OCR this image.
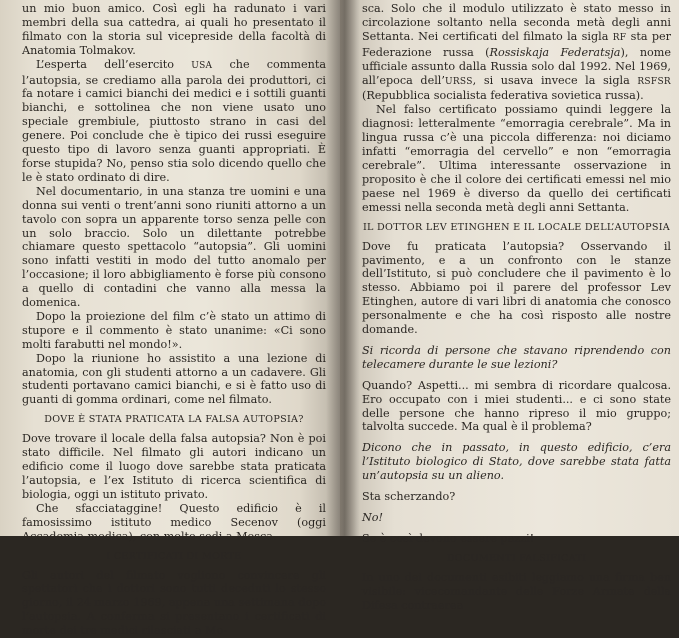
un mio buon amico. Così egli ha radunato i vari membri della sua cattedra, ai quali ho presentato il filmato con la storia sul vicepreside della facoltà di Anatomia Tolmakov.

L’esperta dell’esercito USA che commenta l’autopsia, se crediamo alla parola dei produttori, ci fa notare i camici bianchi dei medici e i sottili guanti bianchi, e sottolinea che non viene usato uno speciale grembiule, piuttosto strano in casi del genere. Poi conclude che è tipico dei russi eseguire questo tipo di lavoro senza guanti appropriati. È forse stupida? No, penso stia solo dicendo quello che le è stato ordinato di dire.

Nel documentario, in una stanza tre uomini e una donna sui venti o trent’anni sono riuniti attorno a un tavolo con sopra un apparente torso senza pelle con un solo braccio. Solo un dilettante potrebbe chiamare questo spettacolo “autopsia”. Gli uomini sono infatti vestiti in modo del tutto anomalo per l’occasione; il loro abbigliamento è forse più consono a quello di contadini che vanno alla messa la domenica.

Dopo la proiezione del film c’è stato un attimo di stupore e il commento è stato unanime: «Ci sono molti farabutti nel mondo!».

Dopo la riunione ho assistito a una lezione di anatomia, con gli studenti attorno a un cadavere. Gli studenti portavano camici bianchi, e si è fatto uso di guanti di gomma ordinari, come nel filmato.

DOVE È STATA PRATICATA LA FALSA AUTOPSIA?

Dove trovare il locale della falsa autopsia? Non è poi stato difficile. Nel filmato gli autori indicano un edificio come il luogo dove sarebbe stata praticata l’autopsia, e l’ex Istituto di ricerca scientifica di biologia, oggi un istituto privato.

Che sfacciataggine! Questo edificio è il famosissimo istituto medico Secenov (oggi Accademia medica), con molte sedi a Mosca.

I CERTIFICATI DI MORTE

Gli autori del filmato vogliono convincere gli spettatori che i dottori sono tutti deceduti lo stesso giorno, il 24 marzo 1969, appena una settimana dopo l’autopsia. A conferma si presentano i certificati di morte dei tre medici rilasciati a Mo-

sca. Solo che il modulo utilizzato è stato messo in circolazione soltanto nella seconda metà degli anni Settanta. Nei certificati del filmato la sigla RF sta per Federazione russa (Rossiskaja Federatsja), nome ufficiale assunto dalla Russia solo dal 1992. Nel 1969, all’epoca dell’URSS, si usava invece la sigla RSFSR (Repubblica socialista federativa sovietica russa).

Nel falso certificato possiamo quindi leggere la diagnosi: letteralmente “emorragia cerebrale”. Ma in lingua russa c’è una piccola differenza: noi diciamo infatti “emorragia del cervello” e non “emorragia cerebrale”. Ultima interessante osservazione in proposito è che il colore dei certificati emessi nel mio paese nel 1969 è diverso da quello dei certificati emessi nella seconda metà degli anni Settanta.

IL DOTTOR LEV ETINGHEN E IL LOCALE DELL’AUTOPSIA

Dove fu praticata l’autopsia? Osservando il pavimento, e a un confronto con le stanze dell’Istituto, si può concludere che il pavimento è lo stesso. Abbiamo poi il parere del professor Lev Etinghen, autore di vari libri di anatomia che conosco personalmente e che ha così risposto alle nostre domande.

Si ricorda di persone che stavano riprendendo con telecamere durante le sue lezioni?

Quando? Aspetti... mi sembra di ricordare qualcosa. Ero occupato con i miei studenti... e ci sono state delle persone che hanno ripreso il mio gruppo; talvolta succede. Ma qual è il problema?

Dicono che in passato, in questo edificio, c’era l’Istituto biologico di Stato, dove sarebbe stata fatta un’autopsia su un alieno.

Sta scherzando?

No!

Se è così devono essere pazzi!

DOCUMENTI FALSIFICATI

In uno dei documenti esibiti leggiamo una firma ben visibile: vicecomandante delle Forze Armate della Difesa contraerea
